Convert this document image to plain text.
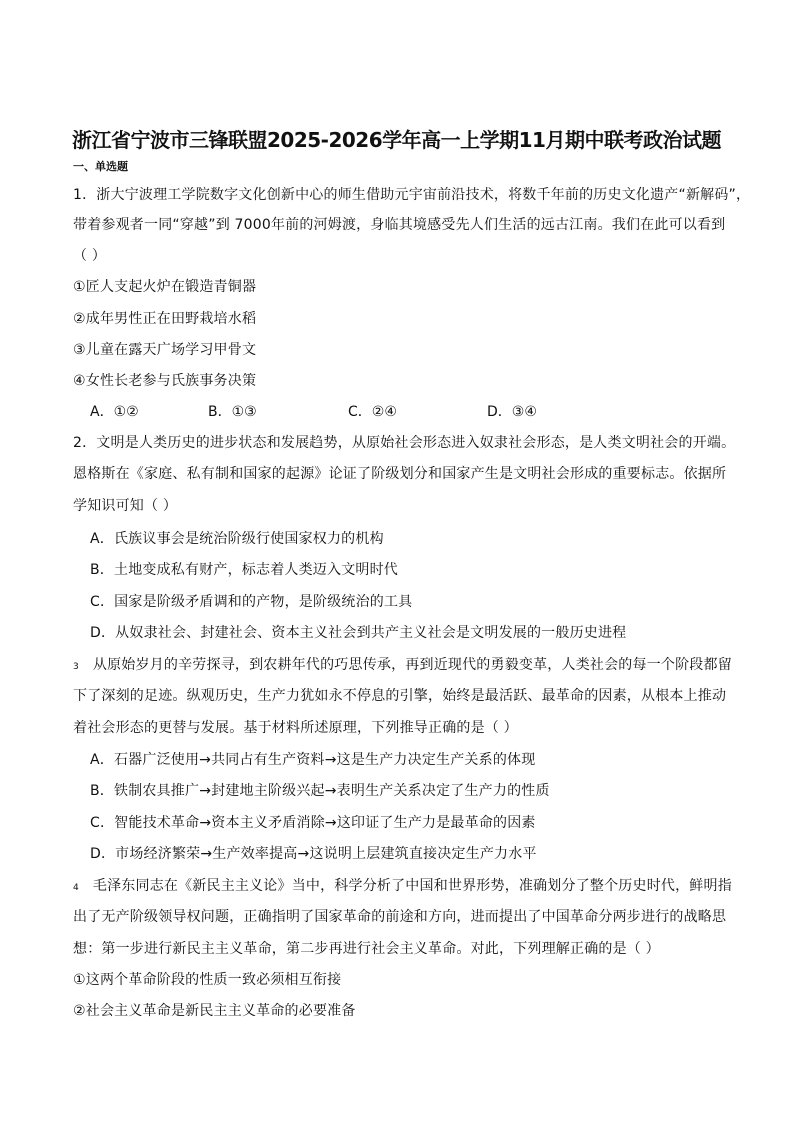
浙江省宁波市三锋联盟2025-2026学年高一上学期11月期中联考政治试题
一、单选题
1．浙大宁波理工学院数字文化创新中心的师生借助元宇宙前沿技术，将数千年前的历史文化遗产“新解码”，
带着参观者一同“穿越”到 7000年前的河姆渡，身临其境感受先人们生活的远古江南。我们在此可以看到
（ ）
①匠人支起火炉在锻造青铜器
②成年男性正在田野栽培水稻
③儿童在露天广场学习甲骨文
④女性长老参与氏族事务决策
A．①②	B．①③	C．②④	D．③④
2．文明是人类历史的进步状态和发展趋势，从原始社会形态进入奴隶社会形态，是人类文明社会的开端。
恩格斯在《家庭、私有制和国家的起源》论证了阶级划分和国家产生是文明社会形成的重要标志。依据所
学知识可知（ ）
A．氏族议事会是统治阶级行使国家权力的机构
B．土地变成私有财产，标志着人类迈入文明时代
C．国家是阶级矛盾调和的产物，是阶级统治的工具
D．从奴隶社会、封建社会、资本主义社会到共产主义社会是文明发展的一般历史进程
3 从原始岁月的辛劳探寻，到农耕年代的巧思传承，再到近现代的勇毅变革，人类社会的每一个阶段都留
下了深刻的足迹。纵观历史，生产力犹如永不停息的引擎，始终是最活跃、最革命的因素，从根本上推动
着社会形态的更替与发展。基于材料所述原理，下列推导正确的是（ ）
A．石器广泛使用→共同占有生产资料→这是生产力决定生产关系的体现
B．铁制农具推广→封建地主阶级兴起→表明生产关系决定了生产力的性质
C．智能技术革命→资本主义矛盾消除→这印证了生产力是最革命的因素
D．市场经济繁荣→生产效率提高→这说明上层建筑直接决定生产力水平
4 毛泽东同志在《新民主主义论》当中，科学分析了中国和世界形势，准确划分了整个历史时代，鲜明指
出了无产阶级领导权问题，正确指明了国家革命的前途和方向，进而提出了中国革命分两步进行的战略思
想：第一步进行新民主主义革命，第二步再进行社会主义革命。对此，下列理解正确的是（ ）
①这两个革命阶段的性质一致必须相互衔接
②社会主义革命是新民主主义革命的必要准备
